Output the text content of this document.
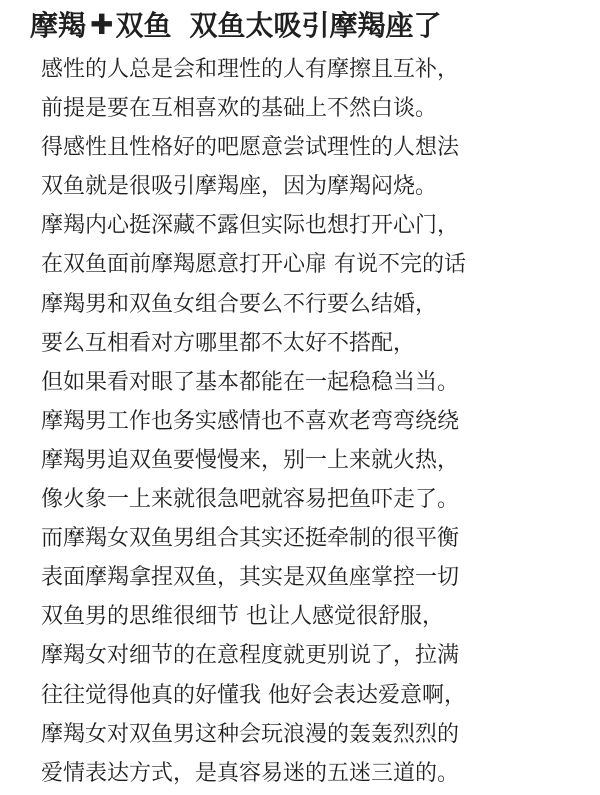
摩羯 ✚ 双鱼 双鱼太吸引摩羯座了
感性的人总是会和理性的人有摩擦且互补，
前提是要在互相喜欢的基础上不然白谈。
得感性且性格好的吧愿意尝试理性的人想法
双鱼就是很吸引摩羯座，因为摩羯闷烧。
摩羯内心挺深藏不露但实际也想打开心门，
在双鱼面前摩羯愿意打开心扉 有说不完的话
摩羯男和双鱼女组合要么不行要么结婚，
要么互相看对方哪里都不太好不搭配，
但如果看对眼了基本都能在一起稳稳当当。
摩羯男工作也务实感情也不喜欢老弯弯绕绕
摩羯男追双鱼要慢慢来，别一上来就火热，
像火象一上来就很急吧就容易把鱼吓走了。
而摩羯女双鱼男组合其实还挺牵制的很平衡
表面摩羯拿捏双鱼，其实是双鱼座掌控一切
双鱼男的思维很细节 也让人感觉很舒服，
摩羯女对细节的在意程度就更别说了，拉满
往往觉得他真的好懂我 他好会表达爱意啊，
摩羯女对双鱼男这种会玩浪漫的轰轰烈烈的
爱情表达方式，是真容易迷的五迷三道的。
